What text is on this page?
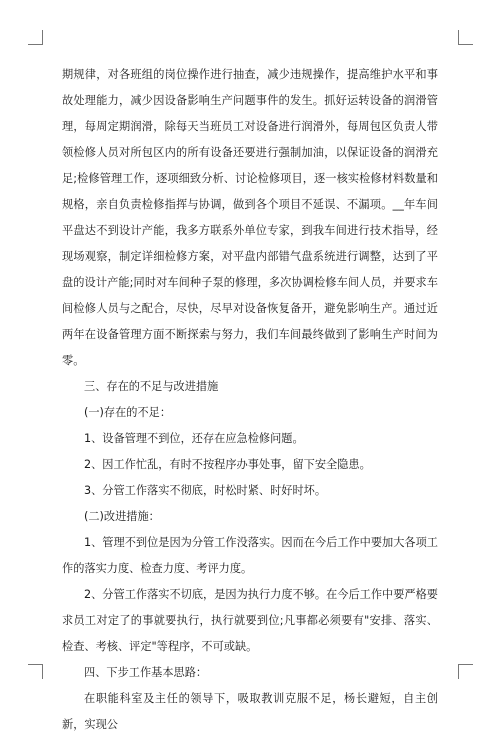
期规律，对各班组的岗位操作进行抽查，减少违规操作，提高维护水平和事故处理能力，减少因设备影响生产问题事件的发生。抓好运转设备的润滑管理，每周定期润滑，除每天当班员工对设备进行润滑外，每周包区负责人带领检修人员对所包区内的所有设备还要进行强制加油，以保证设备的润滑充足;检修管理工作，逐项细致分析、讨论检修项目，逐一核实检修材料数量和规格，亲自负责检修指挥与协调，做到各个项目不延误、不漏项。__年车间平盘达不到设计产能，我多方联系外单位专家，到我车间进行技术指导，经现场观察，制定详细检修方案，对平盘内部错气盘系统进行调整，达到了平盘的设计产能;同时对车间种子泵的修理，多次协调检修车间人员，并要求车间检修人员与之配合，尽快，尽早对设备恢复备开，避免影响生产。通过近两年在设备管理方面不断探索与努力，我们车间最终做到了影响生产时间为零。

三、存在的不足与改进措施

(一)存在的不足：

1、设备管理不到位，还存在应急检修问题。

2、因工作忙乱，有时不按程序办事处事，留下安全隐患。

3、分管工作落实不彻底，时松时紧、时好时坏。

(二)改进措施：

1、管理不到位是因为分管工作没落实。因而在今后工作中要加大各项工作的落实力度、检查力度、考评力度。

2、分管工作落实不切底，是因为执行力度不够。在今后工作中要严格要求员工对定了的事就要执行，执行就要到位;凡事都必须要有"安排、落实、检查、考核、评定"等程序，不可或缺。

四、下步工作基本思路：

在职能科室及主任的领导下，吸取教训克服不足，杨长避短，自主创新，实现公
